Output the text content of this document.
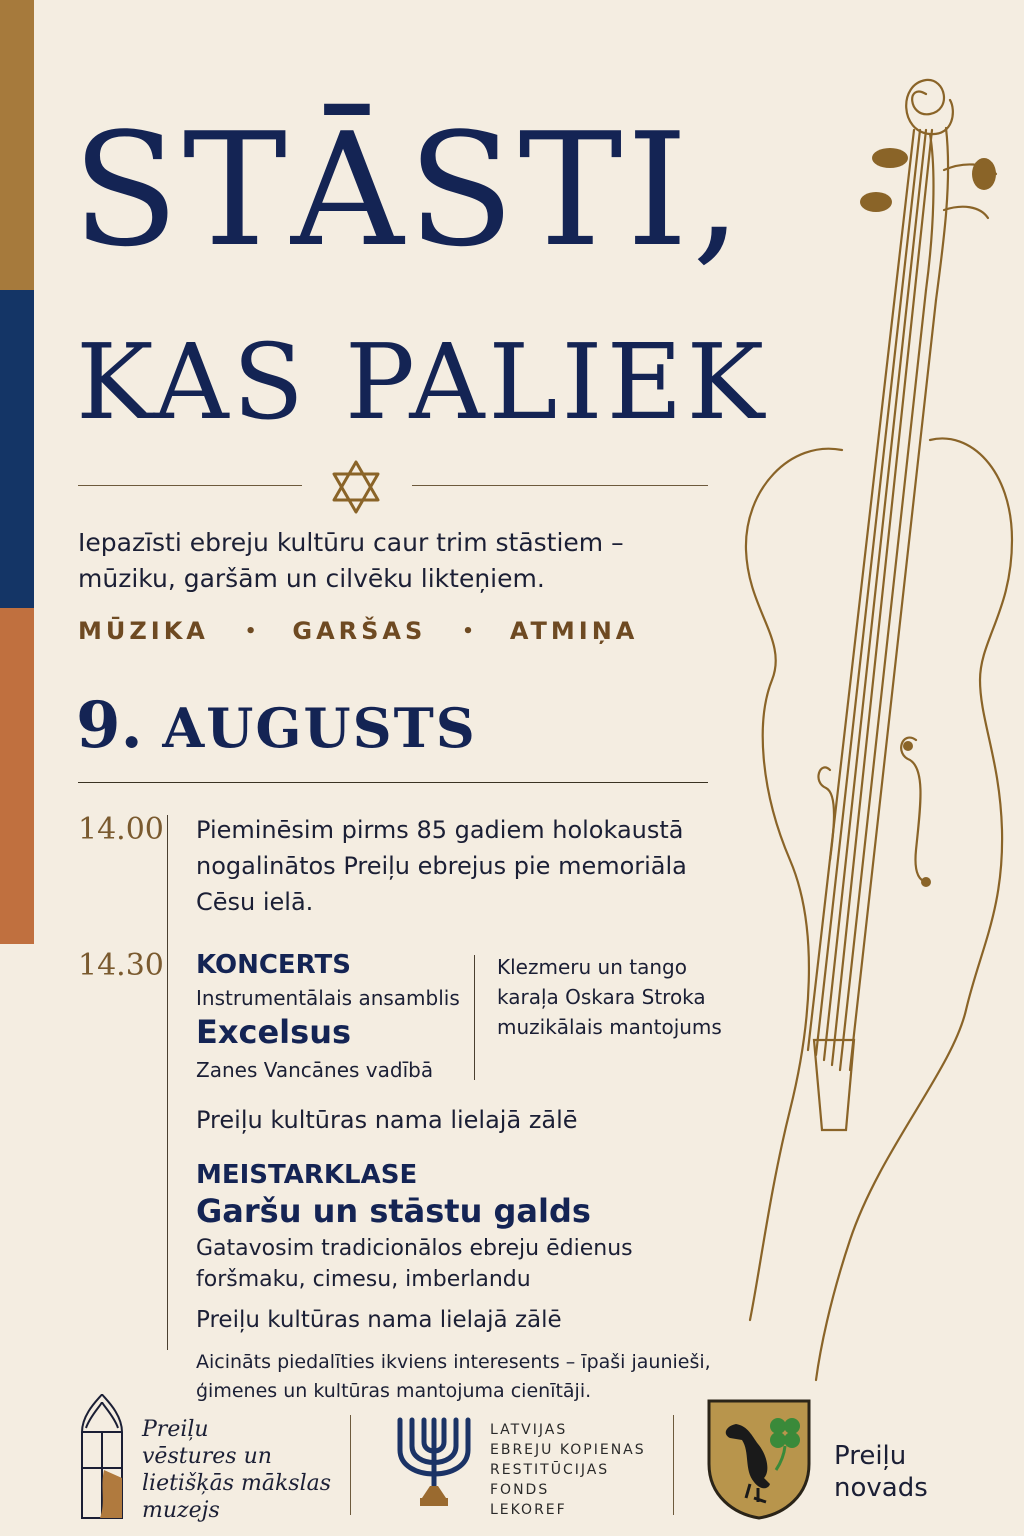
STĀSTI,
KAS PALIEK
Iepazīsti ebreju kultūru caur trim stāstiem – mūziku, garšām un cilvēku likteņiem.
MŪZIKA • GARŠAS • ATMIŅA
9. AUGUSTS
14.00 Pieminēsim pirms 85 gadiem holokaustā
nogalinātos Preiļu ebrejus pie memoriāla
Cēsu ielā.
14.30 KONCERTS
Instrumentālais ansamblis
Excelsus
Zanes Vancānes vadībā
Klezmeru un tango
karaļa Oskara Stroka
muzikālais mantojums
Preiļu kultūras nama lielajā zālē
MEISTARKLASE
Garšu un stāstu galds
Gatavosim tradicionālos ebreju ēdienus
foršmaku, cimesu, imberlandu
Preiļu kultūras nama lielajā zālē
Aicināts piedalīties ikviens interesents – īpaši jaunieši,
ģimenes un kultūras mantojuma cienītāji.
Preiļu
vēstures un
lietišķās mākslas
muzejs
LATVIJAS
EBREJU KOPIENAS
RESTITŪCIJAS
FONDS
LEKOREF
Preiļu
novads
